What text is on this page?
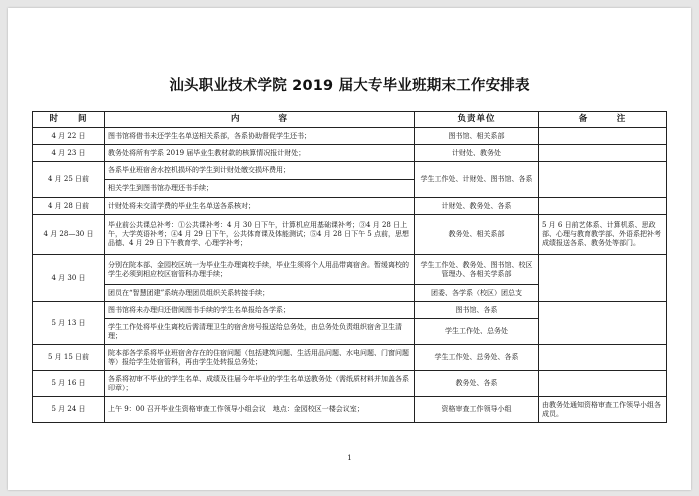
汕头职业技术学院 2019 届大专毕业班期末工作安排表
时　　间	内　　　　容	负责单位	备　　　注
4 月 22 日	图书馆将借书未还学生名单送相关系部，各系协助督促学生还书；	图书馆、相关系部	
4 月 23 日	教务处将所有学系 2019 届毕业生教材款的核算情况报计财处；	计财处、教务处	
4 月 25 日前	各系毕业班宿舍水控机损坏的学生到计财处缴交损坏费用；	学生工作处、计财处、图书馆、各系	
	相关学生到图书馆办理还书手续；		
4 月 28 日前	计财处将未交清学费的毕业生名单送各系核对；	计财处、教务处、各系	
4 月 28—30 日	毕业前公共课总补考：①公共课补考：4 月 30 日下午，计算机应用基础课补考；③4 月 28 日上午，大学英语补考；④4 月 29 日下午，公共体育课及体能测试；⑤4 月 28 日下午 5 点前，思想品德、4 月 29 日下午教育学、心理学补考；	教务处、相关系部	5 月 6 日前艺体系、计算机系、思政部、心理与教育教学部、外语系把补考成绩报送各系、教务处等部门。
4 月 30 日	分别在院本部、金园校区统一为毕业生办理离校手续，毕业生须将个人用品带离宿舍。暂缓离校的学生必须到相应校区宿管科办理手续；	学生工作处、教务处、图书馆、校区管理办、各相关学系部	
	团员在“智慧团建”系统办理团员组织关系转接手续；	团委、各学系（校区）团总支	
5 月 13 日	图书馆将未办理归还借阅图书手续的学生名单报给各学系；	图书馆、各系	
	学生工作处将毕业生离校后需清理卫生的宿舍房号报送给总务处，由总务处负责组织宿舍卫生清理；	学生工作处、总务处	
5 月 15 日前	院本部各学系将毕业班宿舍存在的住宿问题（包括建筑问题、生活用品问题、水电问题、门窗问题等）报给学生处宿管科，再由学生处转报总务处；	学生工作处、总务处、各系	
5 月 16 日	各系将初审不毕业的学生名单、成绩及往届今年毕业的学生名单送教务处（需纸质材料并加盖各系印章）；	教务处、各系	
5 月 24 日	上午 9：00 召开毕业生资格审查工作领导小组会议　地点：金园校区一楼会议室；	资格审查工作领导小组	由教务处通知资格审查工作领导小组各成员。
1
